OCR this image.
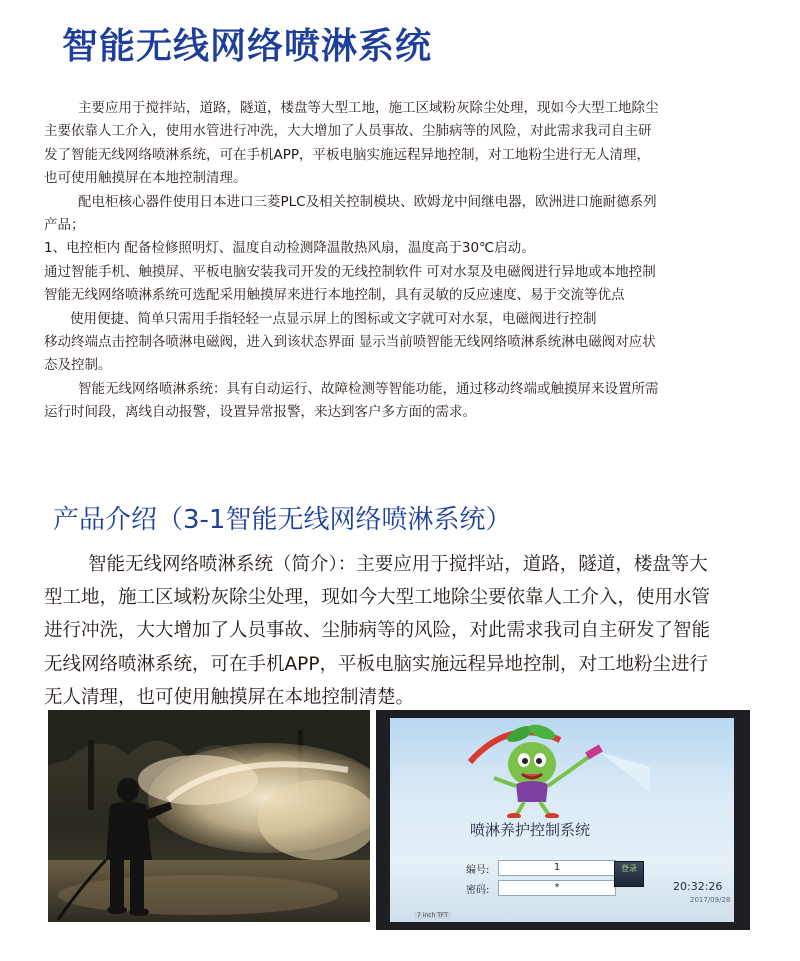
智能无线网络喷淋系统

主要应用于搅拌站，道路，隧道，楼盘等大型工地，施工区域粉灰除尘处理，现如今大型工地除尘

主要依靠人工介入，使用水管进行冲洗，大大增加了人员事故、尘肺病等的风险，对此需求我司自主研

发了智能无线网络喷淋系统，可在手机APP，平板电脑实施远程异地控制，对工地粉尘进行无人清理，

也可使用触摸屏在本地控制清理。

配电柜核心器件使用日本进口三菱PLC及相关控制模块、欧姆龙中间继电器，欧洲进口施耐德系列

产品；

1、电控柜内 配备检修照明灯、温度自动检测降温散热风扇，温度高于30℃启动。

通过智能手机、触摸屏、平板电脑安装我司开发的无线控制软件 可对水泵及电磁阀进行异地或本地控制

智能无线网络喷淋系统可选配采用触摸屏来进行本地控制，具有灵敏的反应速度、易于交流等优点

使用便捷、简单只需用手指轻轻一点显示屏上的图标或文字就可对水泵，电磁阀进行控制

移动终端点击控制各喷淋电磁阀，进入到该状态界面 显示当前喷智能无线网络喷淋系统淋电磁阀对应状

态及控制。

智能无线网络喷淋系统：具有自动运行、故障检测等智能功能，通过移动终端或触摸屏来设置所需

运行时间段，离线自动报警，设置异常报警，来达到客户多方面的需求。

产品介绍（3-1智能无线网络喷淋系统）

智能无线网络喷淋系统（简介）：主要应用于搅拌站，道路，隧道，楼盘等大

型工地，施工区域粉灰除尘处理，现如今大型工地除尘要依靠人工介入，使用水管

进行冲洗，大大增加了人员事故、尘肺病等的风险，对此需求我司自主研发了智能

无线网络喷淋系统，可在手机APP，平板电脑实施远程异地控制，对工地粉尘进行

无人清理，也可使用触摸屏在本地控制清楚。

喷淋养护控制系统
编号:	1
密码:	*
登录
20:32:26
2017/09/28
7 inch TFT
